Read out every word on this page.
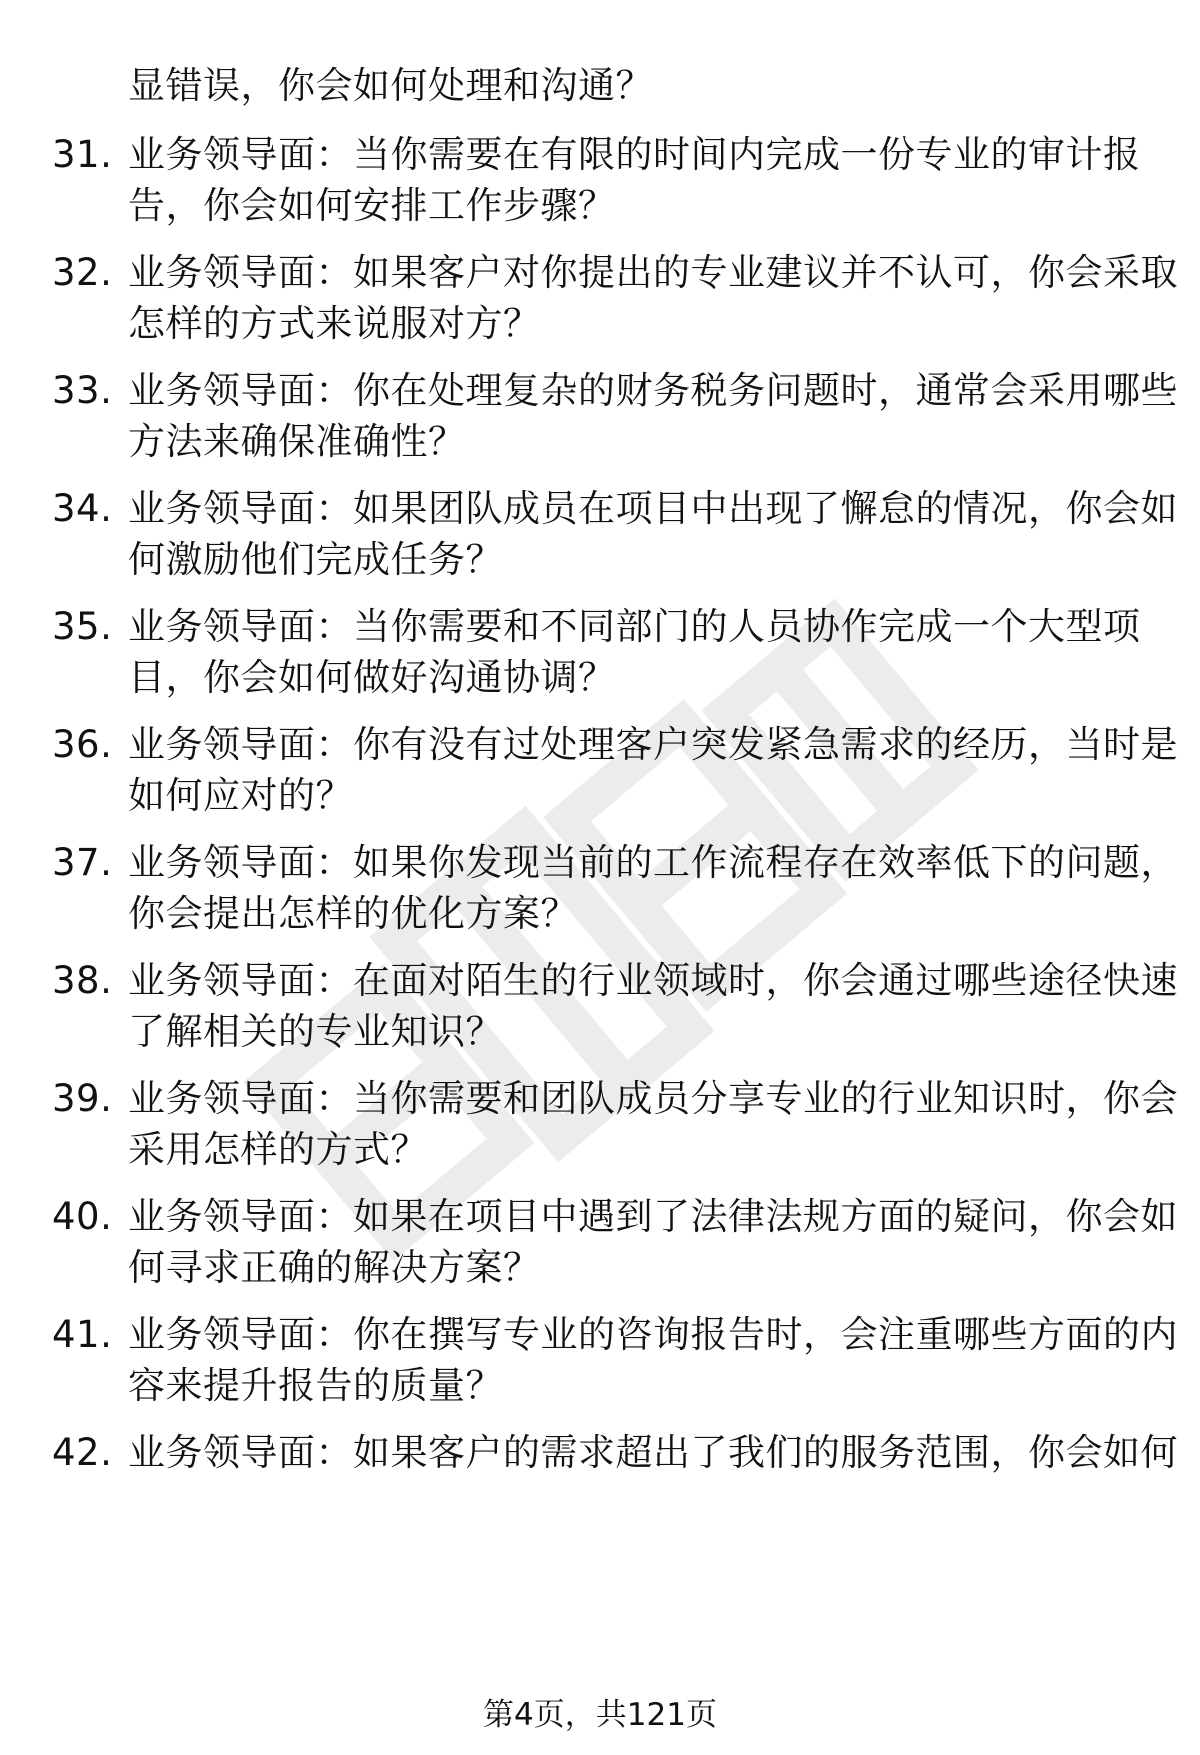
显错误，你会如何处理和沟通？
31. 业务领导面：当你需要在有限的时间内完成一份专业的审计报
告，你会如何安排工作步骤？
32. 业务领导面：如果客户对你提出的专业建议并不认可，你会采取
怎样的方式来说服对方？
33. 业务领导面：你在处理复杂的财务税务问题时，通常会采用哪些
方法来确保准确性？
34. 业务领导面：如果团队成员在项目中出现了懈怠的情况，你会如
何激励他们完成任务？
35. 业务领导面：当你需要和不同部门的人员协作完成一个大型项
目，你会如何做好沟通协调？
36. 业务领导面：你有没有过处理客户突发紧急需求的经历，当时是
如何应对的？
37. 业务领导面：如果你发现当前的工作流程存在效率低下的问题，
你会提出怎样的优化方案？
38. 业务领导面：在面对陌生的行业领域时，你会通过哪些途径快速
了解相关的专业知识？
39. 业务领导面：当你需要和团队成员分享专业的行业知识时，你会
采用怎样的方式？
40. 业务领导面：如果在项目中遇到了法律法规方面的疑问，你会如
何寻求正确的解决方案？
41. 业务领导面：你在撰写专业的咨询报告时，会注重哪些方面的内
容来提升报告的质量？
42. 业务领导面：如果客户的需求超出了我们的服务范围，你会如何
第4页，共121页
